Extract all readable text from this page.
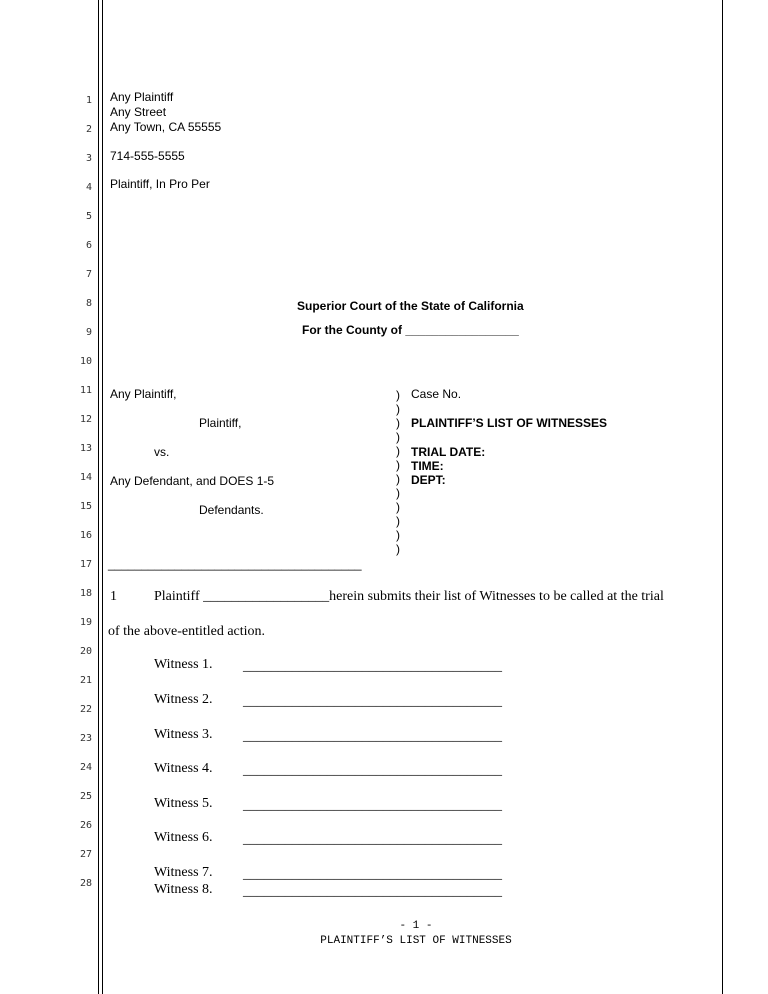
1
2
3
4
5
6
7
8
9
10
11
12
13
14
15
16
17
18
19
20
21
22
23
24
25
26
27
28
Any Plaintiff
Any Street
Any Town, CA 55555
714-555-5555
Plaintiff, In Pro Per
Superior Court of the State of California
For the County of _________________
Any Plaintiff,
Plaintiff,
vs.
Any Defendant, and DOES 1-5
Defendants.
______________________________________
)
)
)
)
)
)
)
)
)
)
)
)
Case No.
PLAINTIFF’S LIST OF WITNESSES
TRIAL DATE:
TIME:
DEPT:
1	Plaintiff __________________herein submits their list of Witnesses to be called at the trial
of the above-entitled action.
Witness 1. _____________________________________
Witness 2. _____________________________________
Witness 3. _____________________________________
Witness 4. _____________________________________
Witness 5. _____________________________________
Witness 6. _____________________________________
Witness 7. _____________________________________
Witness 8. _____________________________________
- 1 -
PLAINTIFF’S LIST OF WITNESSES
